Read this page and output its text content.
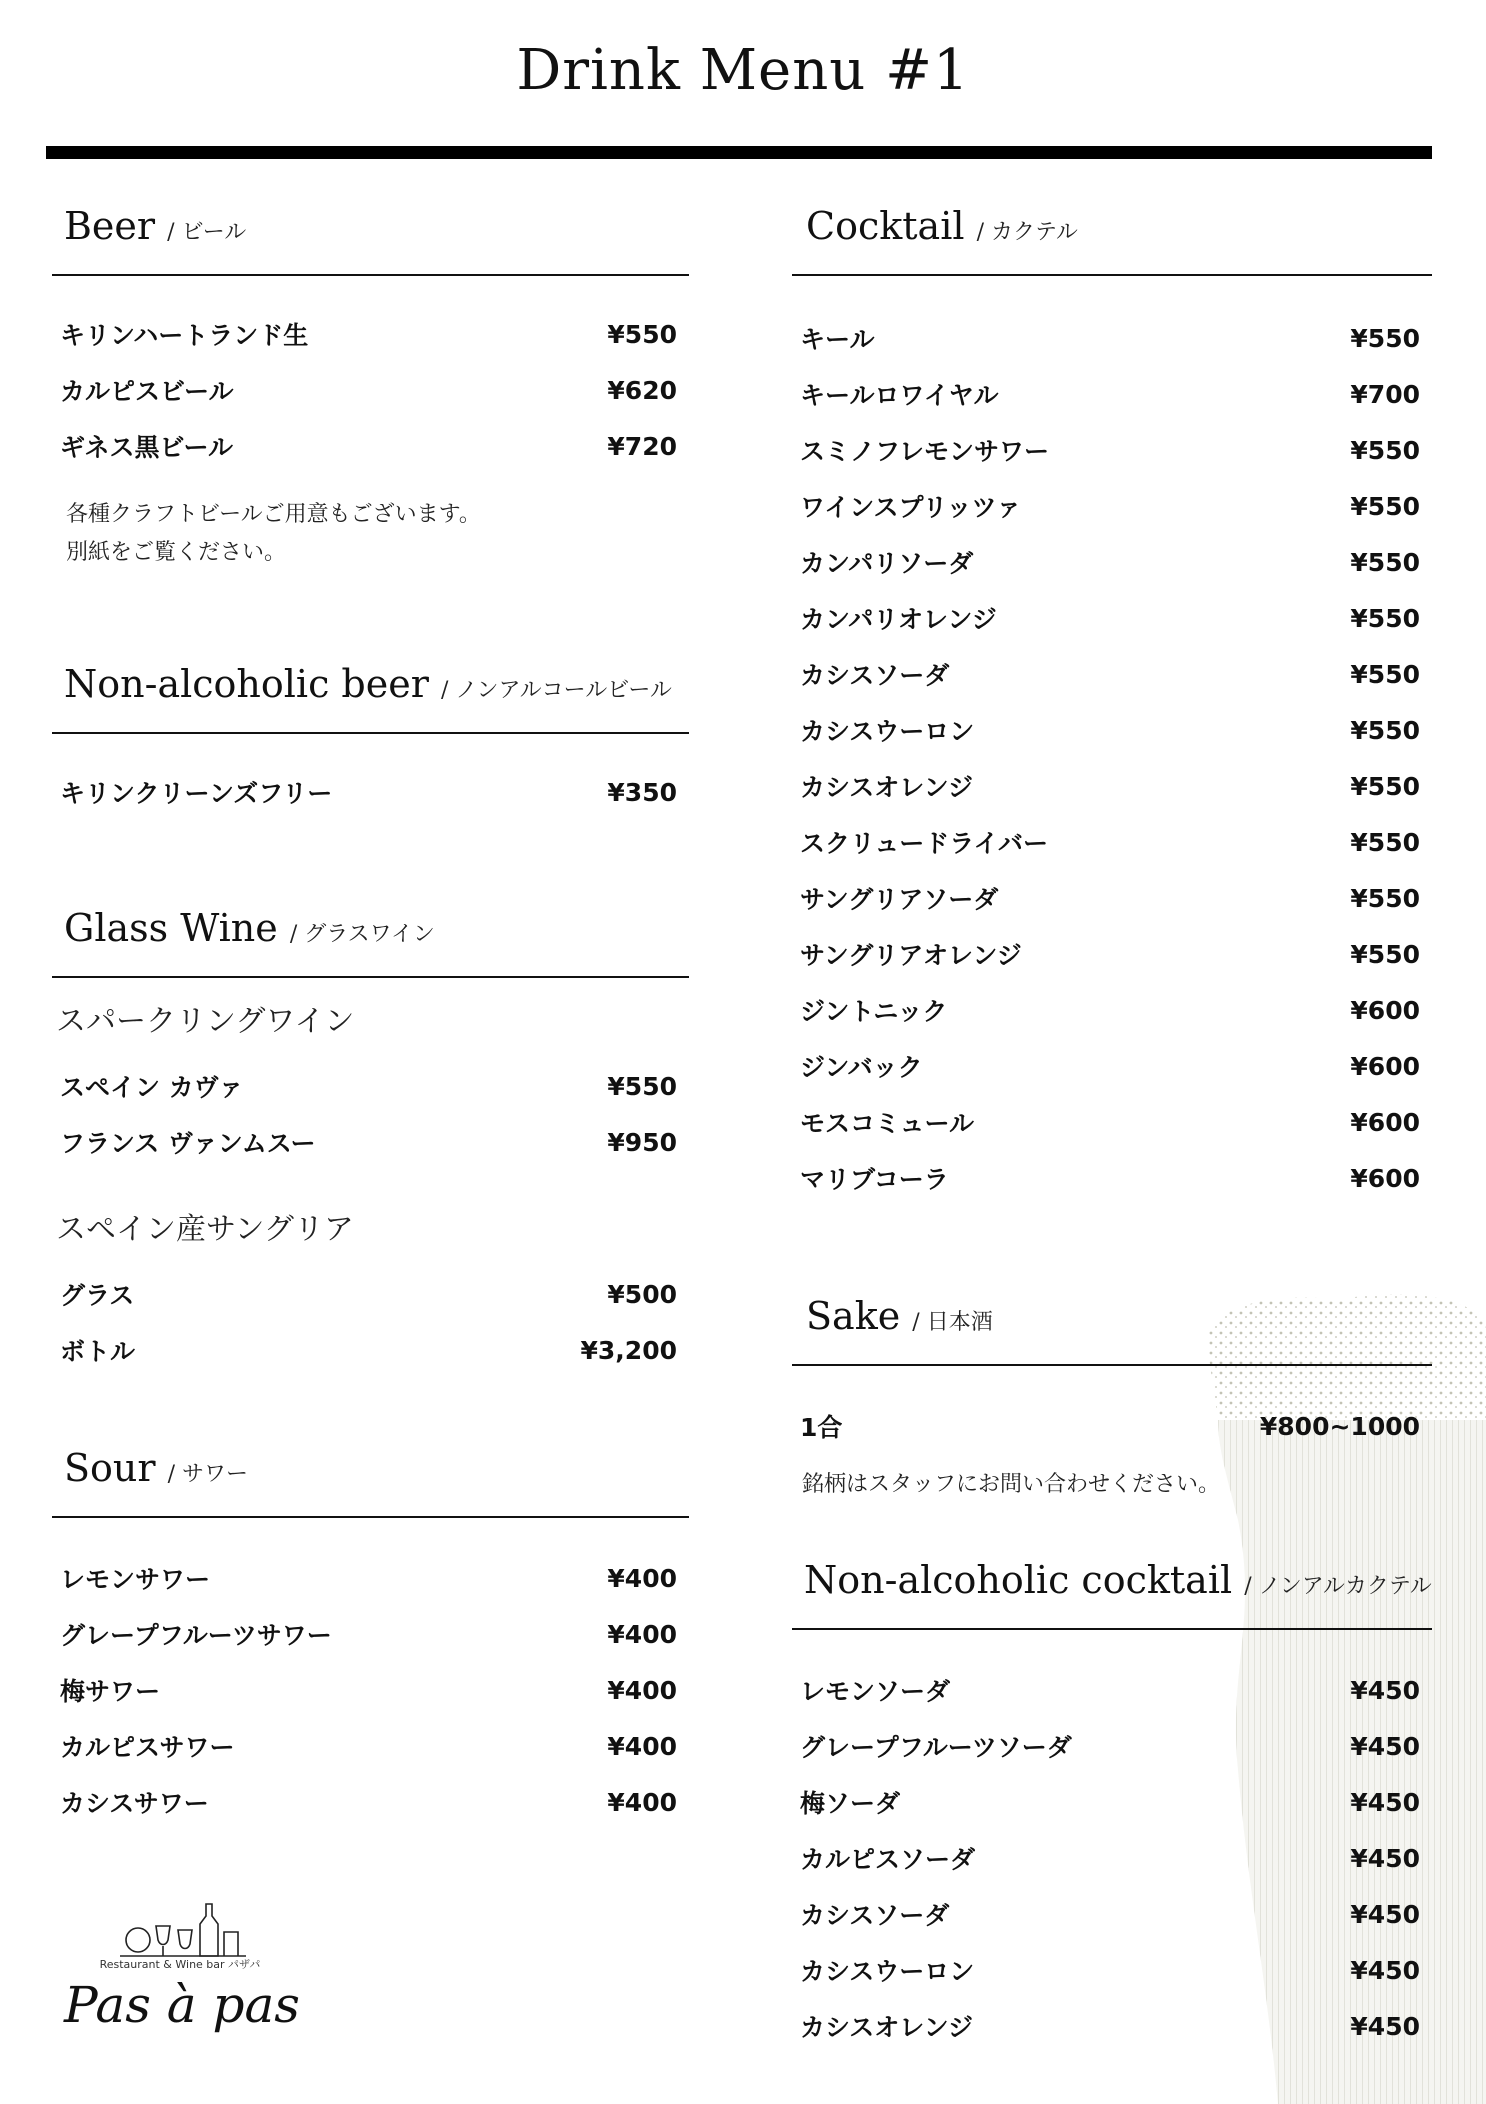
Drink Menu #1
Beer / ビール
キリンハートランド生	¥550
カルピスビール	¥620
ギネス黒ビール	¥720
各種クラフトビールご用意もございます。
別紙をご覧ください。
Non-alcoholic beer / ノンアルコールビール
キリンクリーンズフリー	¥350
Glass Wine / グラスワイン
スパークリングワイン
スペイン カヴァ	¥550
フランス ヴァンムスー	¥950
スペイン産サングリア
グラス	¥500
ボトル	¥3,200
Sour / サワー
レモンサワー	¥400
グレープフルーツサワー	¥400
梅サワー	¥400
カルピスサワー	¥400
カシスサワー	¥400
Cocktail / カクテル
キール	¥550
キールロワイヤル	¥700
スミノフレモンサワー	¥550
ワインスプリッツァ	¥550
カンパリソーダ	¥550
カンパリオレンジ	¥550
カシスソーダ	¥550
カシスウーロン	¥550
カシスオレンジ	¥550
スクリュードライバー	¥550
サングリアソーダ	¥550
サングリアオレンジ	¥550
ジントニック	¥600
ジンバック	¥600
モスコミュール	¥600
マリブコーラ	¥600
Sake / 日本酒
1合	¥800~1000
銘柄はスタッフにお問い合わせください。
Non-alcoholic cocktail / ノンアルカクテル
レモンソーダ	¥450
グレープフルーツソーダ	¥450
梅ソーダ	¥450
カルピスソーダ	¥450
カシスソーダ	¥450
カシスウーロン	¥450
カシスオレンジ	¥450
Restaurant & Wine bar パザパ
Pas à pas
